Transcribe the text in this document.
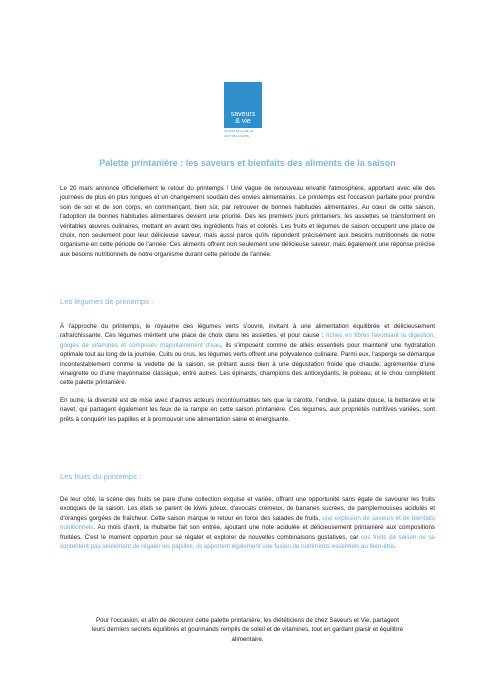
saveurs
& vie
LE GOÛT DE LA VIE, LE
GOÛT DE LA SANTÉ
Palette printanière : les saveurs et bienfaits des aliments de la saison

Le 20 mars annonce officiellement le retour du printemps ! Une vague de renouveau envahit l'atmosphère, apportant avec elle des journées de plus en plus longues et un changement soudain des envies alimentaires. Le printemps est l'occasion parfaite pour prendre soin de soi et de son corps, en commençant, bien sûr, par retrouver de bonnes habitudes alimentaires. Au cœur de cette saison, l'adoption de bonnes habitudes alimentaires devient une priorité. Dès les premiers jours printaniers, les assiettes se transforment en véritables œuvres culinaires, mettant en avant des ingrédients frais et colorés. Les fruits et légumes de saison occupent une place de choix, non seulement pour leur délicieuse saveur, mais aussi parce qu'ils répondent précisément aux besoins nutritionnels de notre organisme en cette période de l'année. Ces aliments offrent non seulement une délicieuse saveur, mais également une réponse précise aux besoins nutritionnels de notre organisme durant cette période de l'année.

Les légumes de printemps :

À l'approche du printemps, le royaume des légumes verts s'ouvre, invitant à une alimentation équilibrée et délicieusement rafraîchissante. Ces légumes méritent une place de choix dans les assiettes, et pour cause : riches en fibres favorisant la digestion, gorgés de vitamines et composés majoritairement d'eau, ils s'imposent comme de alliés essentiels pour maintenir une hydratation optimale tout au long de la journée. Cuits ou crus, les légumes verts offrent une polyvalence culinaire. Parmi eux, l'asperge se démarque incontestablement comme la vedette de la saison, se prêtant aussi bien à une dégustation froide que chaude, agrémentée d'une vinaigrette ou d'une mayonnaise classique, entre autres. Les épinards, champions des antioxydants, le poireau, et le chou complètent cette palette printanière.

En outre, la diversité est de mise avec d'autres acteurs incontournables tels que la carotte, l'endive, la patate douce, la betterave et le navet, qui partagent également les feux de la rampe en cette saison printanière. Ces légumes, aux propriétés nutritives variées, sont prêts à conquérir les papilles et à promouvoir une alimentation saine et énergisante.

Les fruits du printemps :

De leur côté, la scène des fruits se pare d'une collection exquise et variée, offrant une opportunité sans égale de savourer les fruits exotiques de la saison. Les étals se parent de kiwis juteux, d'avocats crémeux, de bananes sucrées, de pamplemousses acidulés et d'oranges gorgées de fraîcheur. Cette saison marque le retour en force des salades de fruits, une explosion de saveurs et de bienfaits nutritionnels. Au mois d'avril, la rhubarbe fait son entrée, ajoutant une note acidulée et délicieusement printanière aux compositions fruitées. C'est le moment opportun pour se régaler et explorer de nouvelles combinaisons gustatives, car ces fruits de saison ne se contentent pas seulement de régaler les papilles, ils apportent également une fusion de nutriments essentiels au bien-être.

Pour l'occasion, et afin de découvrir cette palette printanière, les diététiciens de chez Saveurs et Vie, partagent leurs derniers secrets équilibrés et gourmands remplis de soleil et de vitamines, tout en gardant plaisir et équilibre alimentaire.
